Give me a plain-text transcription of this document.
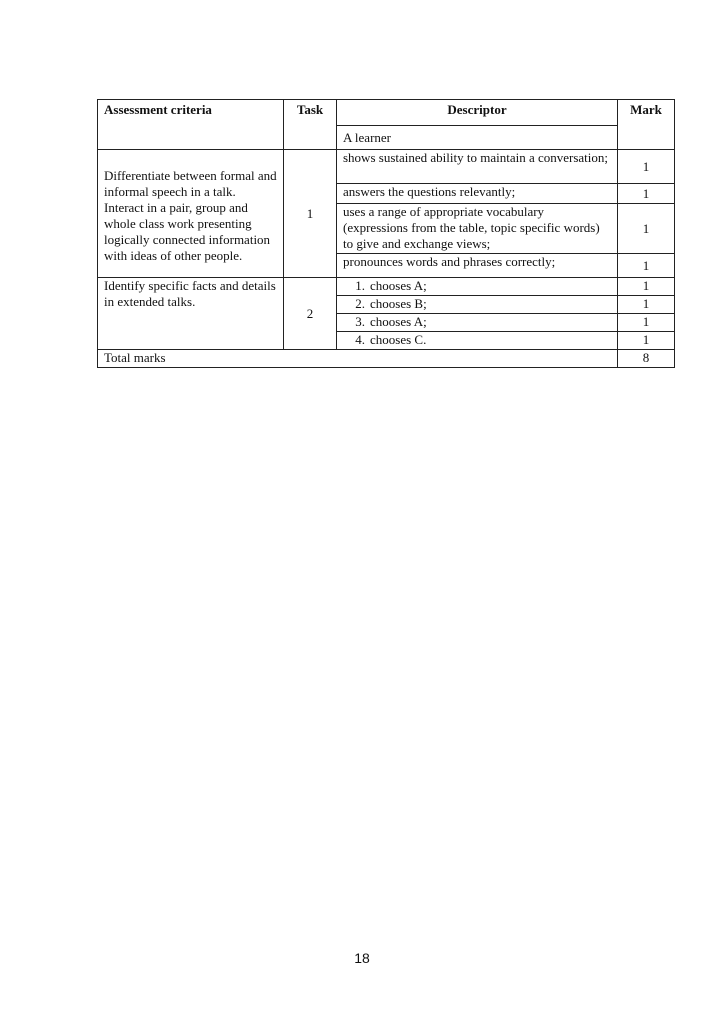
Assessment criteria	Task	Descriptor	Mark
		A learner	
Differentiate between formal and informal speech in a talk. Interact in a pair, group and whole class work presenting logically connected information with ideas of other people.	1	shows sustained ability to maintain a conversation;	1
		answers the questions relevantly;	1
		uses a range of appropriate vocabulary (expressions from the table, topic specific words) to give and exchange views;	1
		pronounces words and phrases correctly;	1
Identify specific facts and details in extended talks.	2	1. chooses A;	1
		2. chooses B;	1
		3. chooses A;	1
		4. chooses C.	1
Total marks			8
18
